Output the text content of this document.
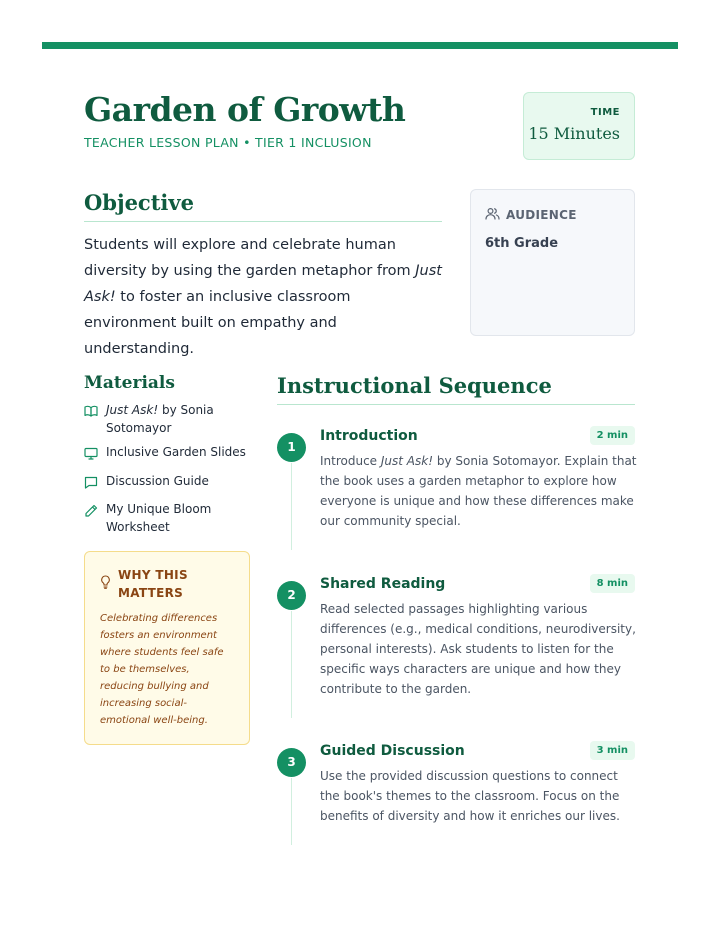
Garden of Growth
TEACHER LESSON PLAN • TIER 1 INCLUSION
TIME
15 Minutes
Objective

Students will explore and celebrate human diversity by using the garden metaphor from Just Ask! to foster an inclusive classroom environment built on empathy and understanding.

AUDIENCE
6th Grade
Materials
Just Ask! by Sonia Sotomayor
Inclusive Garden Slides
Discussion Guide
My Unique Bloom Worksheet
WHY THIS MATTERS

Celebrating differences fosters an environment where students feel safe to be themselves, reducing bullying and increasing social-emotional well-being.

Instructional Sequence
1
Introduction	2 min

Introduce Just Ask! by Sonia Sotomayor. Explain that the book uses a garden metaphor to explore how everyone is unique and how these differences make our community special.

2
Shared Reading	8 min

Read selected passages highlighting various differences (e.g., medical conditions, neurodiversity, personal interests). Ask students to listen for the specific ways characters are unique and how they contribute to the garden.

3
Guided Discussion	3 min

Use the provided discussion questions to connect the book's themes to the classroom. Focus on the benefits of diversity and how it enriches our lives.
